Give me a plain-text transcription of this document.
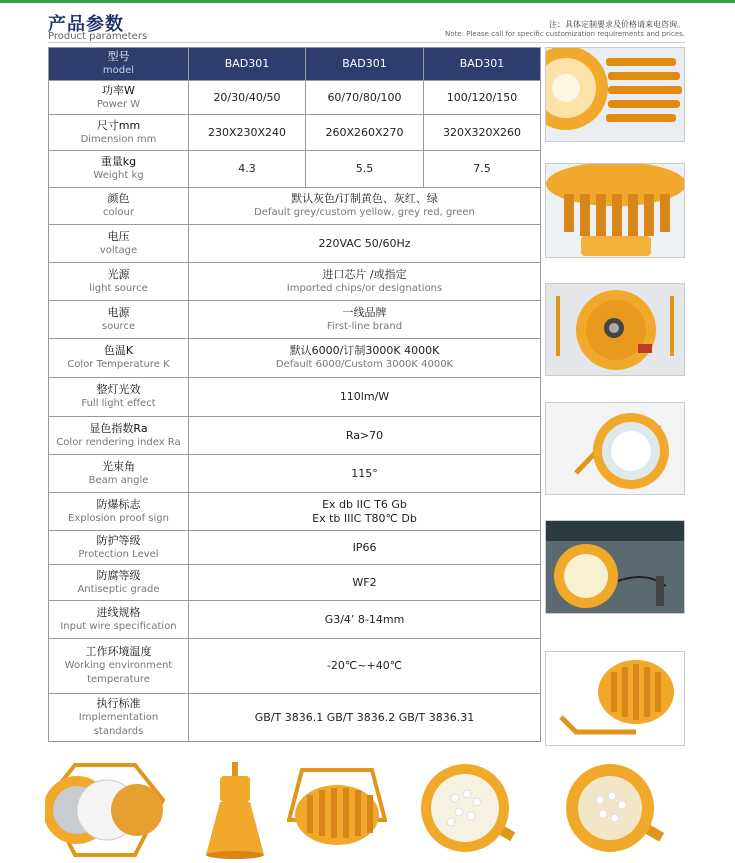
产品参数
Product parameters
注：具体定制要求及价格请来电咨询。
Note: Please call for specific customization requirements and prices.
型号
model	BAD301	BAD301	BAD301

功率W
Power W	20/30/40/50	60/70/80/100	100/120/150

尺寸mm
Dimension mm	230X230X240	260X260X270	320X320X260

重量kg
Weight kg	4.3	5.5	7.5

颜色
colour	默认灰色/订制黄色、灰红、绿
Default grey/custom yellow, grey red, green		

电压
voltage	220VAC 50/60Hz		

光源
light source	进口芯片 /或指定
Imported chips/or designations		

电源
source	一线品牌
First-line brand		

色温K
Color Temperature K	默认6000/订制3000K 4000K
Default 6000/Custom 3000K 4000K		

整灯光效
Full light effect	110lm/W		

显色指数Ra
Color rendering index Ra	Ra>70		

光束角
Beam angle	115°		

防爆标志
Explosion proof sign	Ex db IIC T6 Gb
Ex tb IIIC T80℃ Db		

防护等级
Protection Level	IP66		

防腐等级
Antiseptic grade	WF2		

进线规格
Input wire specification	G3/4’ 8-14mm		

工作环境温度
Working environment
temperature	-20℃~+40℃		

执行标准
Implementation
standards	GB/T 3836.1 GB/T 3836.2 GB/T 3836.31		
